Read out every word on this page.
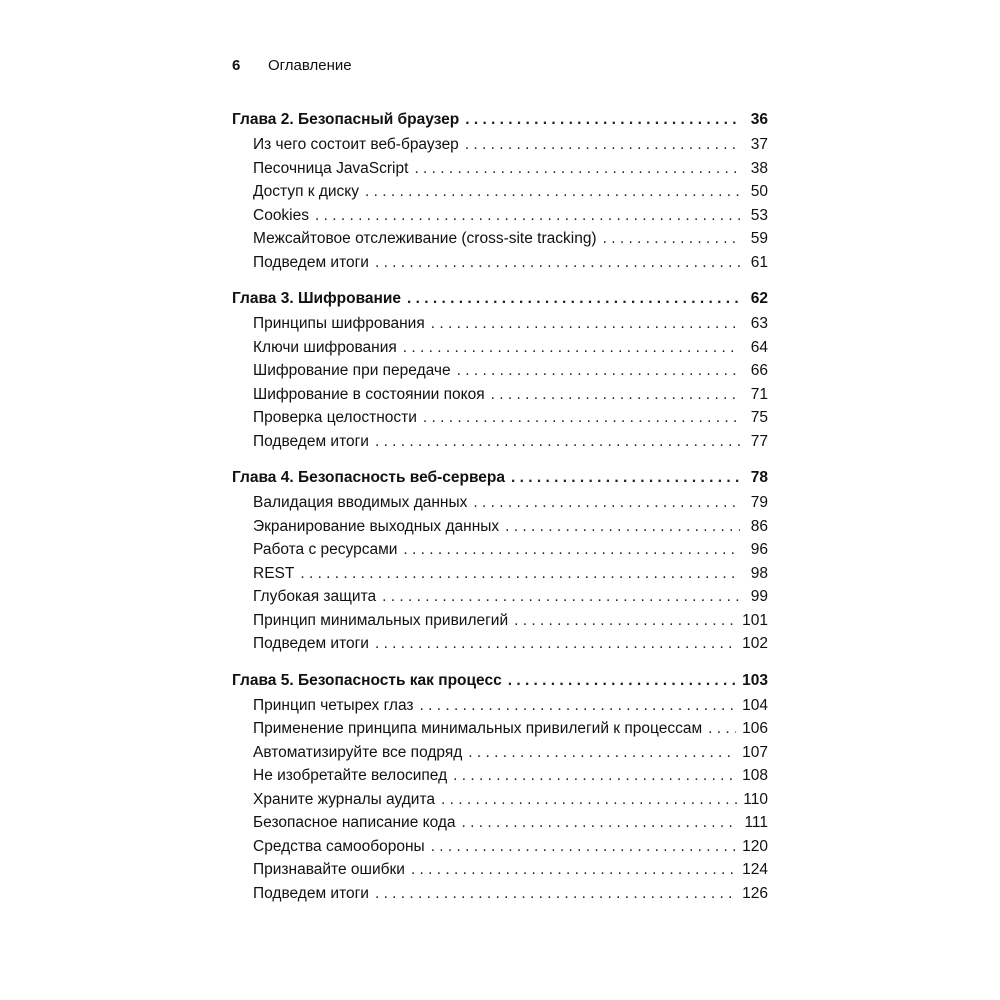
6	Оглавление
Глава 2. Безопасный браузер . . .	36
Из чего состоит веб-браузер . . .	37
Песочница JavaScript . . .	38
Доступ к диску . . .	50
Cookies . . .	53
Межсайтовое отслеживание (cross-site tracking) . . .	59
Подведем итоги . . .	61
Глава 3. Шифрование . . .	62
Принципы шифрования . . .	63
Ключи шифрования . . .	64
Шифрование при передаче . . .	66
Шифрование в состоянии покоя . . .	71
Проверка целостности . . .	75
Подведем итоги . . .	77
Глава 4. Безопасность веб-сервера . . .	78
Валидация вводимых данных . . .	79
Экранирование выходных данных . . .	86
Работа с ресурсами . . .	96
REST . . .	98
Глубокая защита . . .	99
Принцип минимальных привилегий . . .	101
Подведем итоги . . .	102
Глава 5. Безопасность как процесс . . .	103
Принцип четырех глаз . . .	104
Применение принципа минимальных привилегий к процессам . . .	106
Автоматизируйте все подряд . . .	107
Не изобретайте велосипед . . .	108
Храните журналы аудита . . .	110
Безопасное написание кода . . .	111
Средства самообороны . . .	120
Признавайте ошибки . . .	124
Подведем итоги . . .	126
